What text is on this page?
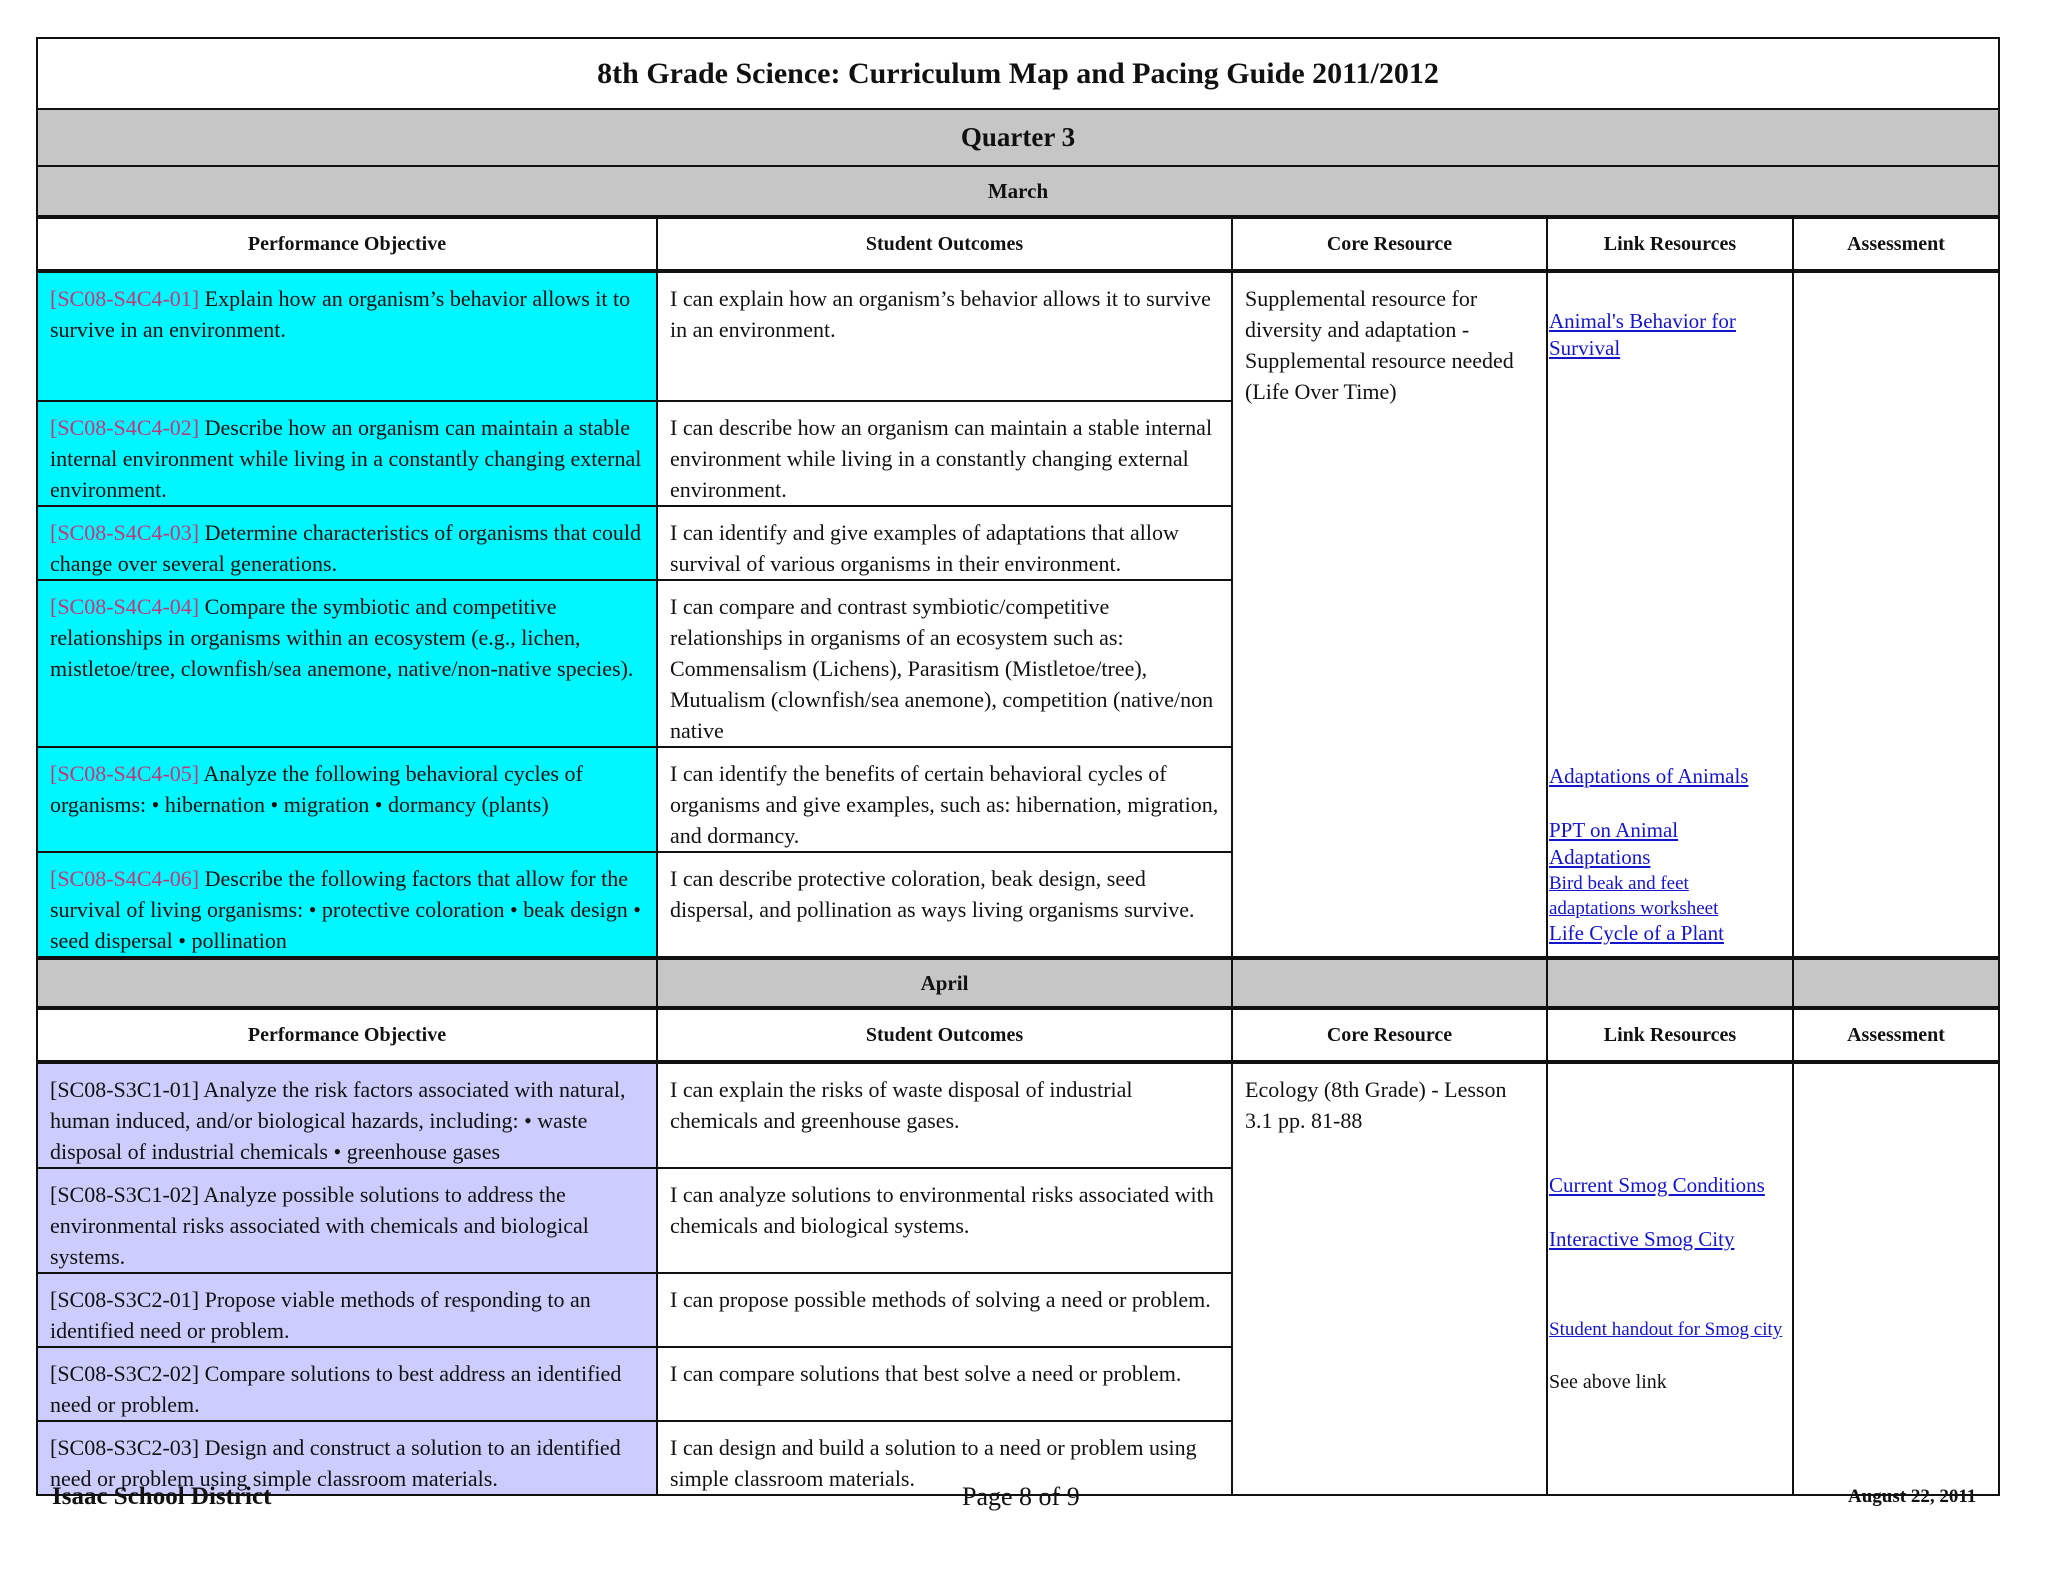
8th Grade Science: Curriculum Map and Pacing Guide 2011/2012				
Quarter 3				
March				
Performance Objective	Student Outcomes	Core Resource	Link Resources	Assessment
[SC08-S4C4-01] Explain how an organism’s behavior allows it to survive in an environment.	I can explain how an organism’s behavior allows it to survive in an environment.	Supplemental resource for diversity and adaptation - Supplemental resource needed (Life Over Time)	Animal's Behavior for Survival
Adaptations of Animals
PPT on Animal Adaptations
Bird beak and feet adaptations worksheet
Life Cycle of a Plant	

[SC08-S4C4-02] Describe how an organism can maintain a stable internal environment while living in a constantly changing external environment.	I can describe how an organism can maintain a stable internal environment while living in a constantly changing external environment.			
[SC08-S4C4-03] Determine characteristics of organisms that could change over several generations.	I can identify and give examples of adaptations that allow survival of various organisms in their environment.			
[SC08-S4C4-04] Compare the symbiotic and competitive relationships in organisms within an ecosystem (e.g., lichen, mistletoe/tree, clownfish/sea anemone, native/non-native species).	I can compare and contrast symbiotic/competitive relationships in organisms of an ecosystem such as: Commensalism (Lichens), Parasitism (Mistletoe/tree), Mutualism (clownfish/sea anemone), competition (native/non native			
[SC08-S4C4-05] Analyze the following behavioral cycles of organisms: • hibernation • migration • dormancy (plants)	I can identify the benefits of certain behavioral cycles of organisms and give examples, such as: hibernation, migration, and dormancy.			
[SC08-S4C4-06] Describe the following factors that allow for the survival of living organisms: • protective coloration • beak design • seed dispersal • pollination	I can describe protective coloration, beak design, seed dispersal, and pollination as ways living organisms survive.			
	April			
Performance Objective	Student Outcomes	Core Resource	Link Resources	Assessment
[SC08-S3C1-01] Analyze the risk factors associated with natural, human induced, and/or biological hazards, including: • waste disposal of industrial chemicals • greenhouse gases	I can explain the risks of waste disposal of industrial chemicals and greenhouse gases.	Ecology (8th Grade) - Lesson 3.1 pp. 81-88	Current Smog Conditions
Interactive Smog City
Student handout for Smog city
See above link	

[SC08-S3C1-02] Analyze possible solutions to address the environmental risks associated with chemicals and biological systems.	I can analyze solutions to environmental risks associated with chemicals and biological systems.			
[SC08-S3C2-01] Propose viable methods of responding to an identified need or problem.	I can propose possible methods of solving a need or problem.			
[SC08-S3C2-02] Compare solutions to best address an identified need or problem.	I can compare solutions that best solve a need or problem.			
[SC08-S3C2-03] Design and construct a solution to an identified need or problem using simple classroom materials.	I can design and build a solution to a need or problem using simple classroom materials.			
Isaac School District	Page 8 of 9	August 22, 2011
